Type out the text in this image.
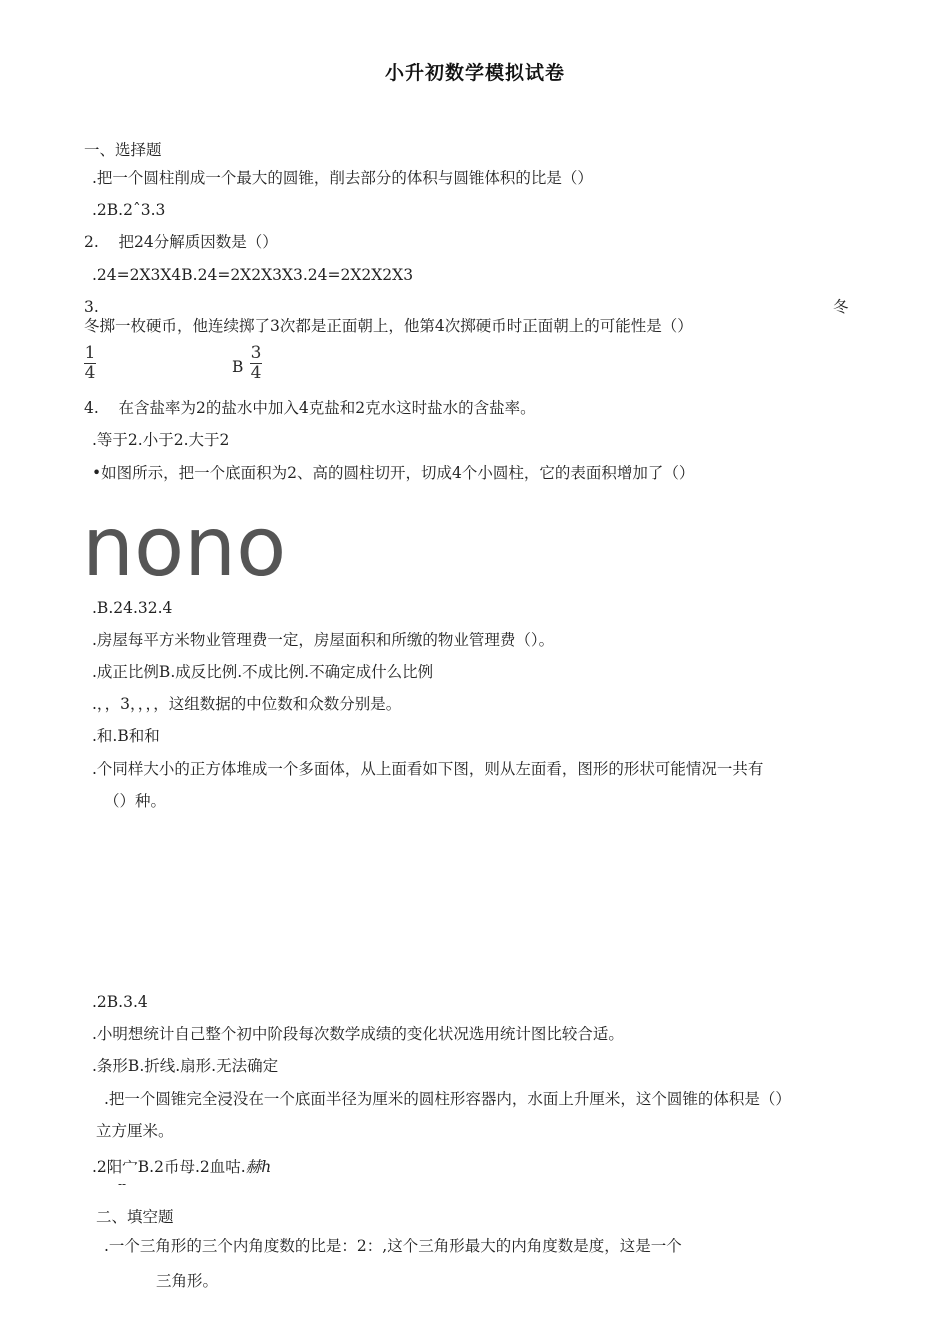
小升初数学模拟试卷
一、选择题
.把一个圆柱削成一个最大的圆锥，削去部分的体积与圆锥体积的比是（）
.2B.2ˆ3.3
2.    把24分解质因数是（）
.24=2X3X4B.24=2X2X3X3.24=2X2X2X3
3.	冬
冬掷一枚硬币，他连续掷了3次都是正面朝上，他第4次掷硬币时正面朝上的可能性是（）
1
4	B
3
4
4.    在含盐率为2的盐水中加入4克盐和2克水这时盐水的含盐率。
.等于2.小于2.大于2
•如图所示，把一个底面积为2、高的圆柱切开，切成4个小圆柱，它的表面积增加了（）
nono
.B.24.32.4
.房屋每平方米物业管理费一定，房屋面积和所缴的物业管理费（）。
.成正比例B.成反比例.不成比例.不确定成什么比例
.，，3，，，，这组数据的中位数和众数分别是。
.和.B和和
.个同样大小的正方体堆成一个多面体，从上面看如下图，则从左面看，图形的形状可能情况一共有
（）种。
.2B.3.4
.小明想统计自己整个初中阶段每次数学成绩的变化状况选用统计图比较合适。
.条形B.折线.扇形.无法确定
.把一个圆锥完全浸没在一个底面半径为厘米的圆柱形容器内，水面上升厘米，这个圆锥的体积是（）
立方厘米。
.2阳宀B.2币母.2血咕.赫h
--
二、填空题
.一个三角形的三个内角度数的比是：2：,这个三角形最大的内角度数是度，这是一个
三角形。
